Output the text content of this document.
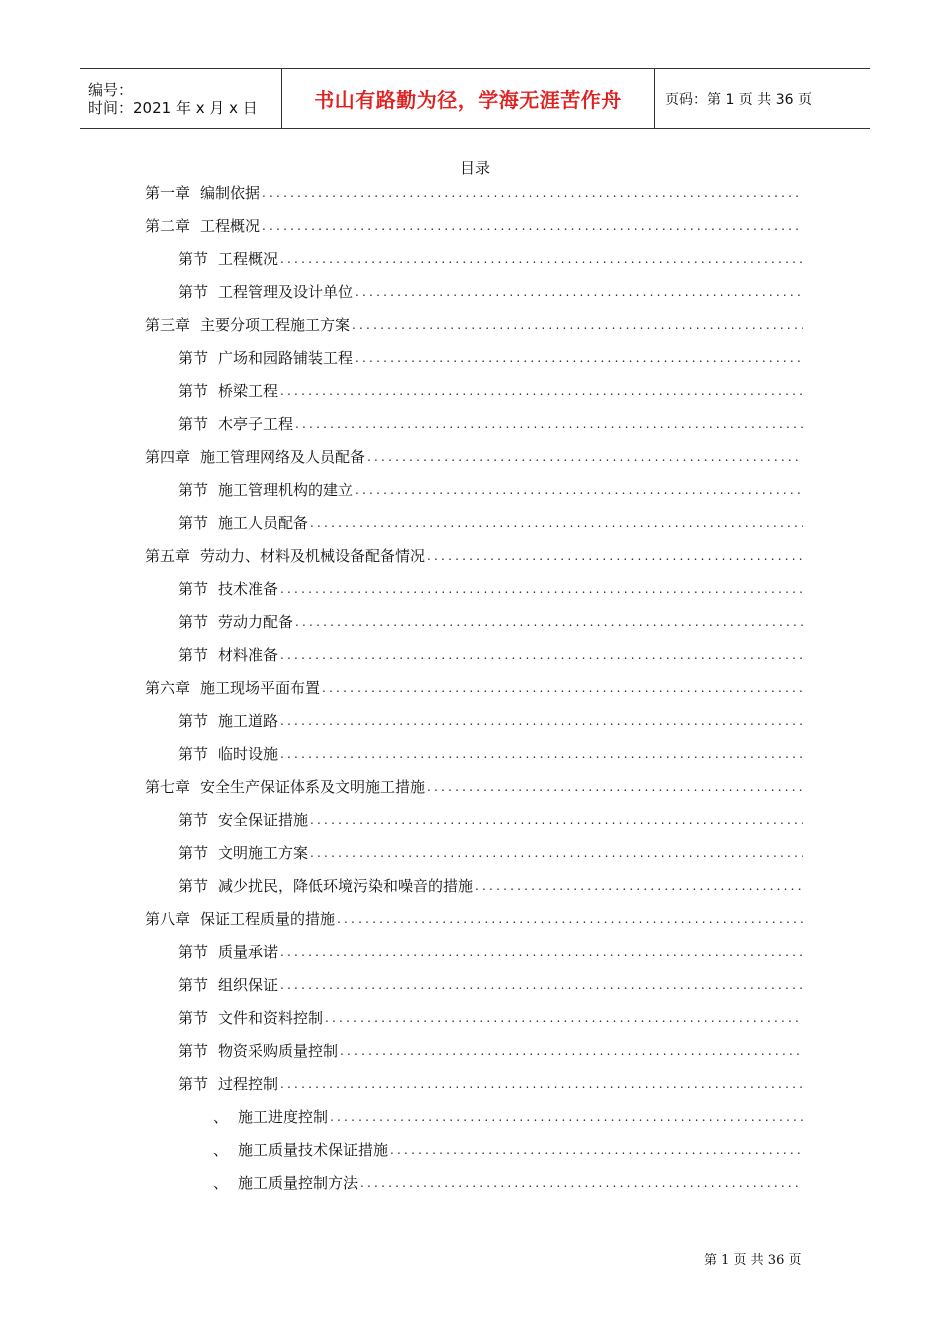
编号：
时间：2021 年 x 月 x 日	书山有路勤为径，学海无涯苦作舟	页码：第 1 页 共 36 页
目录
第一章 编制依据
.....
第二章 工程概况
.....
第节 工程概况
.....
第节 工程管理及设计单位
.....
第三章 主要分项工程施工方案
.....
第节 广场和园路铺装工程
.....
第节 桥梁工程
.....
第节 木亭子工程
.....
第四章 施工管理网络及人员配备
.....
第节 施工管理机构的建立
.....
第节 施工人员配备
.....
第五章 劳动力、材料及机械设备配备情况
.....
第节 技术准备
.....
第节 劳动力配备
.....
第节 材料准备
.....
第六章 施工现场平面布置
.....
第节 施工道路
.....
第节 临时设施
.....
第七章 安全生产保证体系及文明施工措施
.....
第节 安全保证措施
.....
第节 文明施工方案
.....
第节 减少扰民，降低环境污染和噪音的措施
.....
第八章 保证工程质量的措施
.....
第节 质量承诺
.....
第节 组织保证
.....
第节 文件和资料控制
.....
第节 物资采购质量控制
.....
第节 过程控制
.....
、 施工进度控制
.....
、 施工质量技术保证措施
.....
、 施工质量控制方法
.....
第 1 页 共 36 页
